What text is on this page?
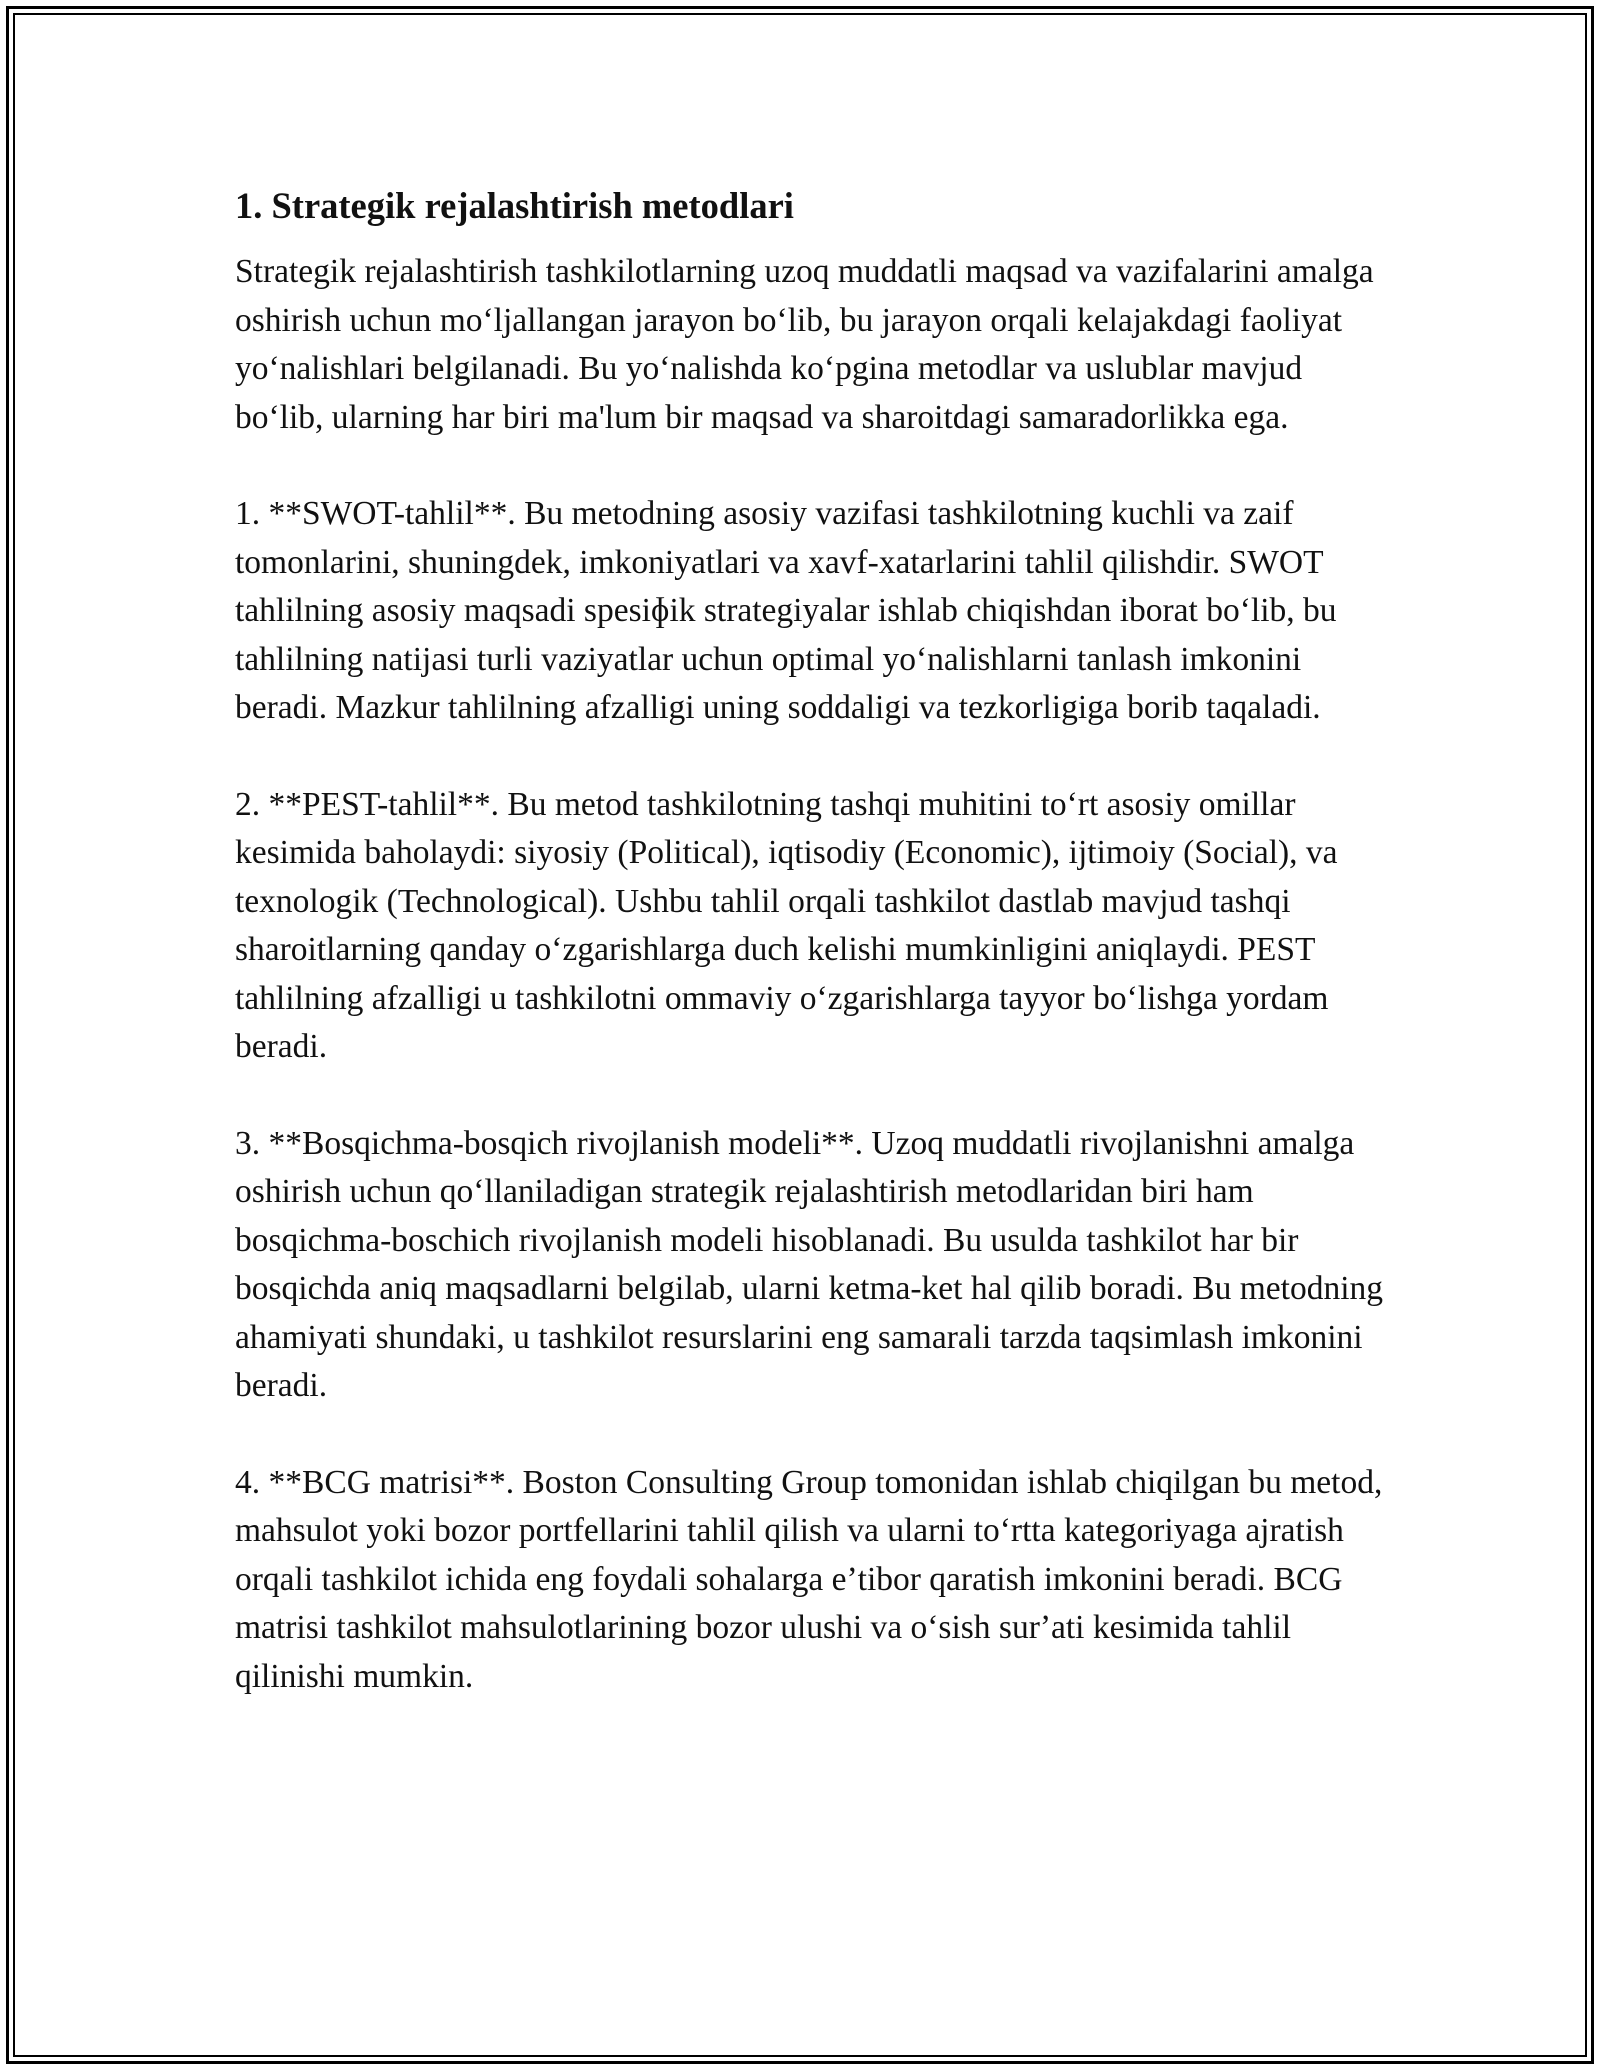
1. Strategik rejalashtirish metodlari

Strategik rejalashtirish tashkilotlarning uzoq muddatli maqsad va vazifalarini amalga oshirish uchun moʻljallangan jarayon boʻlib, bu jarayon orqali kelajakdagi faoliyat yoʻnalishlari belgilanadi. Bu yoʻnalishda koʻpgina metodlar va uslublar mavjud boʻlib, ularning har biri ma'lum bir maqsad va sharoitdagi samaradorlikka ega.

1. **SWOT-tahlil**. Bu metodning asosiy vazifasi tashkilotning kuchli va zaif tomonlarini, shuningdek, imkoniyatlari va xavf-xatarlarini tahlil qilishdir. SWOT tahlilning asosiy maqsadi spesiɸik strategiyalar ishlab chiqishdan iborat boʻlib, bu tahlilning natijasi turli vaziyatlar uchun optimal yoʻnalishlarni tanlash imkonini beradi. Mazkur tahlilning afzalligi uning soddaligi va tezkorligiga borib taqaladi.

2. **PEST-tahlil**. Bu metod tashkilotning tashqi muhitini toʻrt asosiy omillar kesimida baholaydi: siyosiy (Political), iqtisodiy (Economic), ijtimoiy (Social), va texnologik (Technological). Ushbu tahlil orqali tashkilot dastlab mavjud tashqi sharoitlarning qanday oʻzgarishlarga duch kelishi mumkinligini aniqlaydi. PEST tahlilning afzalligi u tashkilotni ommaviy oʻzgarishlarga tayyor boʻlishga yordam beradi.

3. **Bosqichma-bosqich rivojlanish modeli**. Uzoq muddatli rivojlanishni amalga oshirish uchun qoʻllaniladigan strategik rejalashtirish metodlaridan biri ham bosqichma-boschich rivojlanish modeli hisoblanadi. Bu usulda tashkilot har bir bosqichda aniq maqsadlarni belgilab, ularni ketma-ket hal qilib boradi. Bu metodning ahamiyati shundaki, u tashkilot resurslarini eng samarali tarzda taqsimlash imkonini beradi.

4. **BCG matrisi**. Boston Consulting Group tomonidan ishlab chiqilgan bu metod, mahsulot yoki bozor portfellarini tahlil qilish va ularni toʻrtta kategoriyaga ajratish orqali tashkilot ichida eng foydali sohalarga eʼtibor qaratish imkonini beradi. BCG matrisi tashkilot mahsulotlarining bozor ulushi va oʻsish surʼati kesimida tahlil qilinishi mumkin.
